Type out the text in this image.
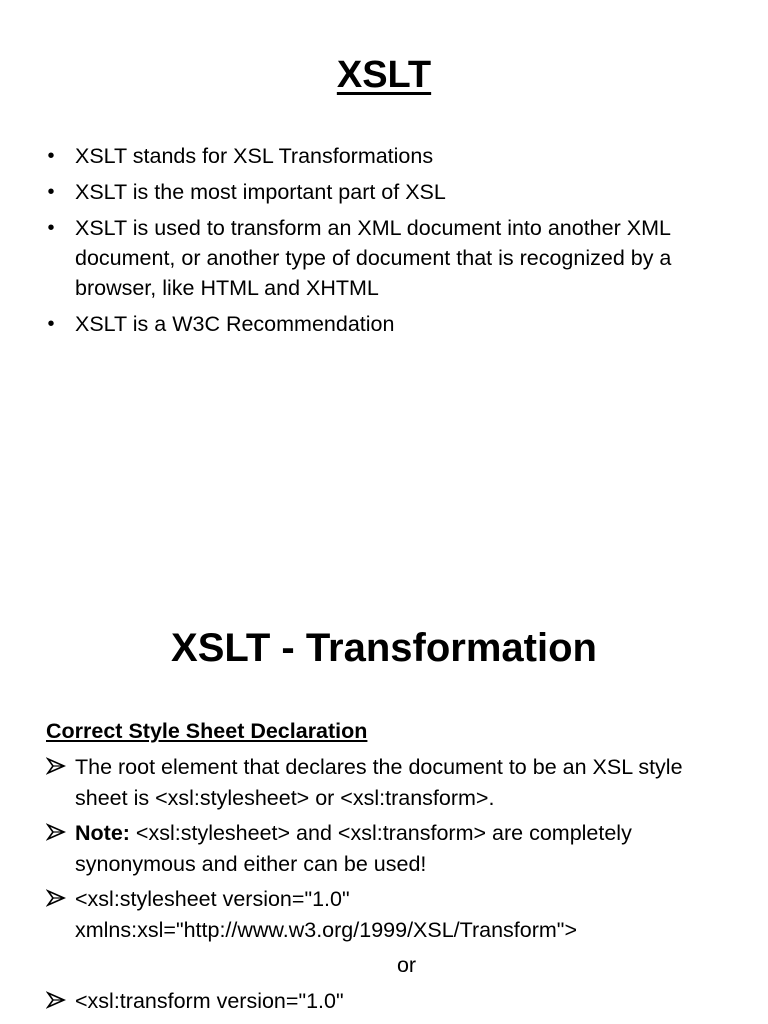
XSLT
• XSLT stands for XSL Transformations
• XSLT is the most important part of XSL
• XSLT is used to transform an XML document into another XML document, or another type of document that is recognized by a browser, like HTML and XHTML
• XSLT is a W3C Recommendation
XSLT - Transformation
Correct Style Sheet Declaration
The root element that declares the document to be an XSL style sheet is <xsl:stylesheet> or <xsl:transform>.
Note: <xsl:stylesheet> and <xsl:transform> are completely synonymous and either can be used!
<xsl:stylesheet version="1.0" xmlns:xsl="http://www.w3.org/1999/XSL/Transform">
or
<xsl:transform version="1.0"
